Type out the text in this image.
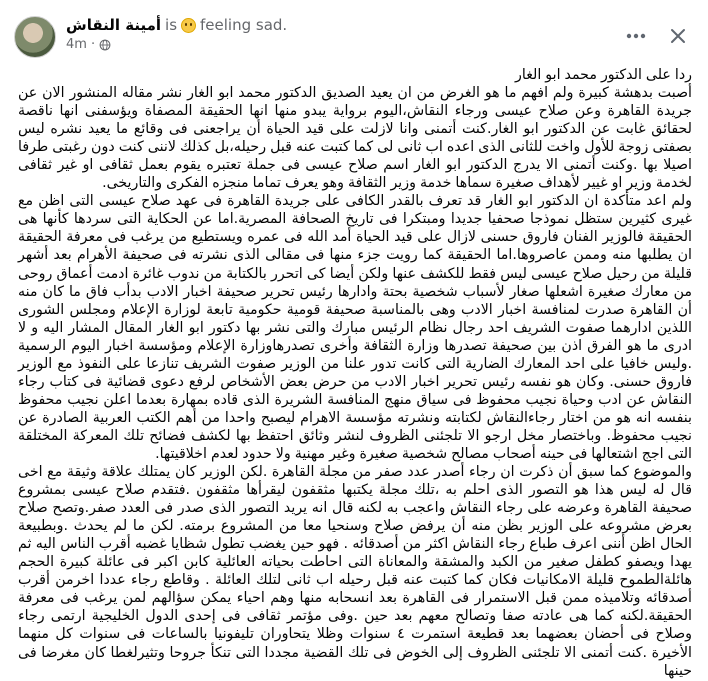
أمينة النقاش is feeling sad.
4m ·

ردا على الدكتور محمد ابو الغار

أصبت بدهشة كبيرة ولم افهم ما هو الغرض من ان يعيد الصديق الدكتور محمد ابو الغار نشر مقاله المنشور الان عن جريدة القاهرة وعن صلاح عيسى ورجاء النقاش،اليوم برواية يبدو منها انها الحقيقة المصفاة ويؤسفنى انها ناقصة لحقائق غابت عن الدكتور ابو الغار.كنت أتمنى وانا لازلت على قيد الحياة أن يراجعنى فى وقائع ما يعيد نشره ليس بصفتى زوجة للأول واخت للثانى الذى اعده اب ثانى لى كما كتبت عنه قبل رحيله،بل كذلك لاننى كنت دون رغبتى طرفا اصيلا بها .وكنت أتمنى الا يدرج الدكتور ابو الغار اسم صلاح عيسى فى جملة تعتبره يقوم بعمل ثقافى او غير ثقافى لخدمة وزير او غيير لأهداف صغيرة سماها خدمة وزير الثقافة وهو يعرف تماما منجزه الفكرى والتاريخى.

ولم اعد متأكدة ان الدكتور ابو الغار قد تعرف بالقدر الكافى على جريدة القاهرة فى عهد صلاح عيسى التى اظن مع غيرى كثيرين ستظل نموذجا صحفيا جديدا ومبتكرا فى تاريخ الصحافة المصرية.اما عن الحكاية التى سردها كأنها هى الحقيقة فالوزير الفنان فاروق حسنى لازال على قيد الحياة أمد الله فى عمره ويستطيع من يرغب فى معرفة الحقيقة ان يطلبها منه وممن عاصروها.اما الحقيقة كما رويت جزء منها فى مقالى الذى نشرته فى صحيفة الأهرام بعد أشهر قليلة من رحيل صلاح عيسى ليس فقط للكشف عنها ولكن أيضا كى اتحرر بالكتابة من ندوب غائرة ادمت أعماق روحى من معارك صغيرة اشعلها صغار لأسباب شخصية بحتة وادارها رئيس تحرير صحيفة اخبار الادب بدأب فاق ما كان منه أن القاهرة صدرت لمنافسة اخبار الادب وهى بالمناسبة صحيفة قومية حكومية تابعة لوزارة الإعلام ومجلس الشورى اللذين ادارهما صفوت الشريف احد رجال نظام الرئيس مبارك والتى نشر بها دكتور ابو الغار المقال المشار اليه و لا ادرى ما هو الفرق اذن بين صحيفة تصدرها وزارة الثقافة وأخرى تصدرهاوزارة الإعلام ومؤسسة اخبار اليوم الرسمية .وليس خافيا على احد المعارك الضارية التى كانت تدور علنا من الوزير صفوت الشريف تنازعا على النفوذ مع الوزير فاروق حسنى. وكان هو نفسه رئيس تحرير اخبار الادب من حرض بعض الأشخاص لرفع دعوى قضائية فى كتاب رجاء النقاش عن ادب وحياة نجيب محفوظ فى سياق منهج المنافسة الشريرة الذى قاده بمهارة بعدما اعلن نجيب محفوظ بنفسه انه هو من اختار رجاءالنقاش لكتابته ونشرته مؤسسة الاهرام ليصبح واحدا من أهم الكتب العربية الصادرة عن نجيب محفوظ. وباختصار مخل ارجو الا تلجئنى الظروف لنشر وثائق احتفظ بها لكشف فضائح تلك المعركة المختلقة التى اجج اشتعالها فى حينه أصحاب مصالح شخصية صغيرة وغير مهنية ولا حدود لعدم اخلاقيتها.

والموضوع كما سبق أن ذكرت ان رجاء أصدر عدد صفر من مجلة القاهرة .لكن الوزير كان يمتلك علاقة وثيقة مع اخى قال له ليس هذا هو التصور الذى احلم به ،تلك مجلة يكتبها مثقفون ليقرأها مثقفون .فتقدم صلاح عيسى بمشروع صحيفة القاهرة وعرضه على رجاء النقاش واعجب به لكنه قال انه يريد التصور الذى صدر فى العدد صفر.وتصح صلاح بعرض مشروعه على الوزير بظن منه أن يرفض صلاح وسنحيا معا من المشروع برمته. لكن ما لم يحدث .وبطبيعة الحال اظن أننى اعرف طباع رجاء النقاش اكثر من أصدقائه . فهو حين يغضب تطول شظايا غضبه أقرب الناس اليه ثم يهدا ويصفو كطفل صغير من الكبد والمشقة والمعاناة التى احاطت بحياته العائلية كابن اكبر فى عائلة كبيرة الحجم هائلةالطموح قليلة الامكانيات فكان كما كتبت عنه قبل رحيله اب ثانى لتلك العائلة . وقاطع رجاء عددا اخرمن أقرب أصدقائه وتلاميذه ممن قبل الاستمرار فى القاهرة بعد انسحابه منها وهم احياء يمكن سؤالهم لمن يرغب فى معرفة الحقيقة.لكنه كما هى عادته صفا وتصالح معهم بعد حين .وفى مؤتمر ثقافى فى إحدى الدول الخليجية ارتمى رجاء وصلاح فى أحضان بعضهما بعد قطيعة استمرت ٤ سنوات وظلا يتحاوران تليفونيا بالساعات فى سنوات كل منهما الأخيرة .كنت أتمنى الا تلجئنى الظروف إلى الخوض فى تلك القضية مجددا التى تنكأ جروحا وتثيرلغطا كان مغرضا فى حينها
